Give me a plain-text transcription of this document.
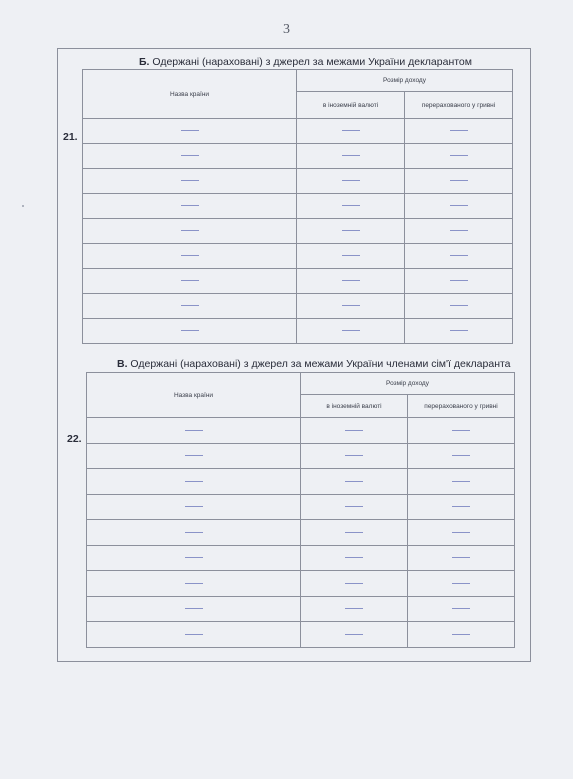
3
Б. Одержані (нараховані) з джерел за межами України декларантом
21.
Назва країни	Розмір доходу	
	в іноземній валюті	перерахованого у гривні

В. Одержані (нараховані) з джерел за межами України членами сім'ї декларанта
22.
Назва країни	Розмір доходу	
	в іноземній валюті	перерахованого у гривні
